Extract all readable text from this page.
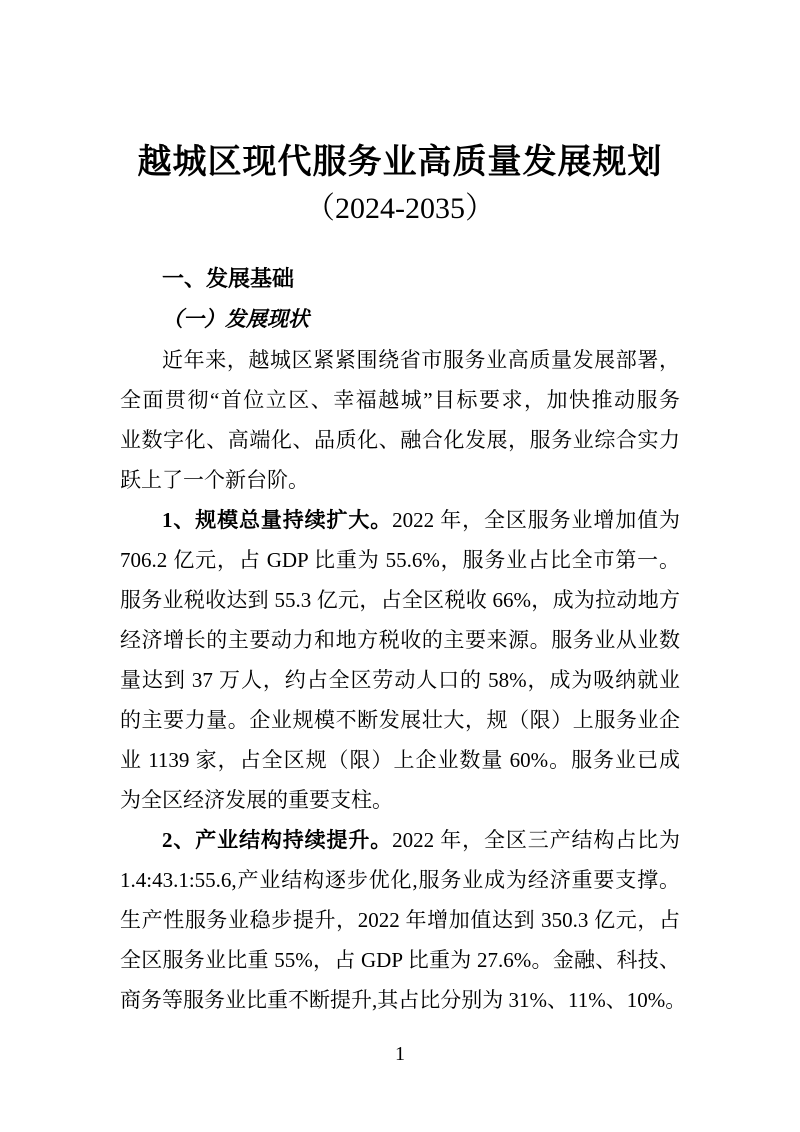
越城区现代服务业高质量发展规划
（2024-2035）
一、发展基础
（一）发展现状
近年来，越城区紧紧围绕省市服务业高质量发展部署，
全面贯彻“首位立区、幸福越城”目标要求，加快推动服务
业数字化、高端化、品质化、融合化发展，服务业综合实力
跃上了一个新台阶。
1、规模总量持续扩大。2022 年，全区服务业增加值为
706.2 亿元，占 GDP 比重为 55.6%，服务业占比全市第一。
服务业税收达到 55.3 亿元，占全区税收 66%，成为拉动地方
经济增长的主要动力和地方税收的主要来源。服务业从业数
量达到 37 万人，约占全区劳动人口的 58%，成为吸纳就业
的主要力量。企业规模不断发展壮大，规（限）上服务业企
业 1139 家，占全区规（限）上企业数量 60%。服务业已成
为全区经济发展的重要支柱。
2、产业结构持续提升。2022 年，全区三产结构占比为
1.4:43.1:55.6,产业结构逐步优化,服务业成为经济重要支撑。
生产性服务业稳步提升，2022 年增加值达到 350.3 亿元，占
全区服务业比重 55%，占 GDP 比重为 27.6%。金融、科技、
商务等服务业比重不断提升,其占比分别为 31%、11%、10%。
1
